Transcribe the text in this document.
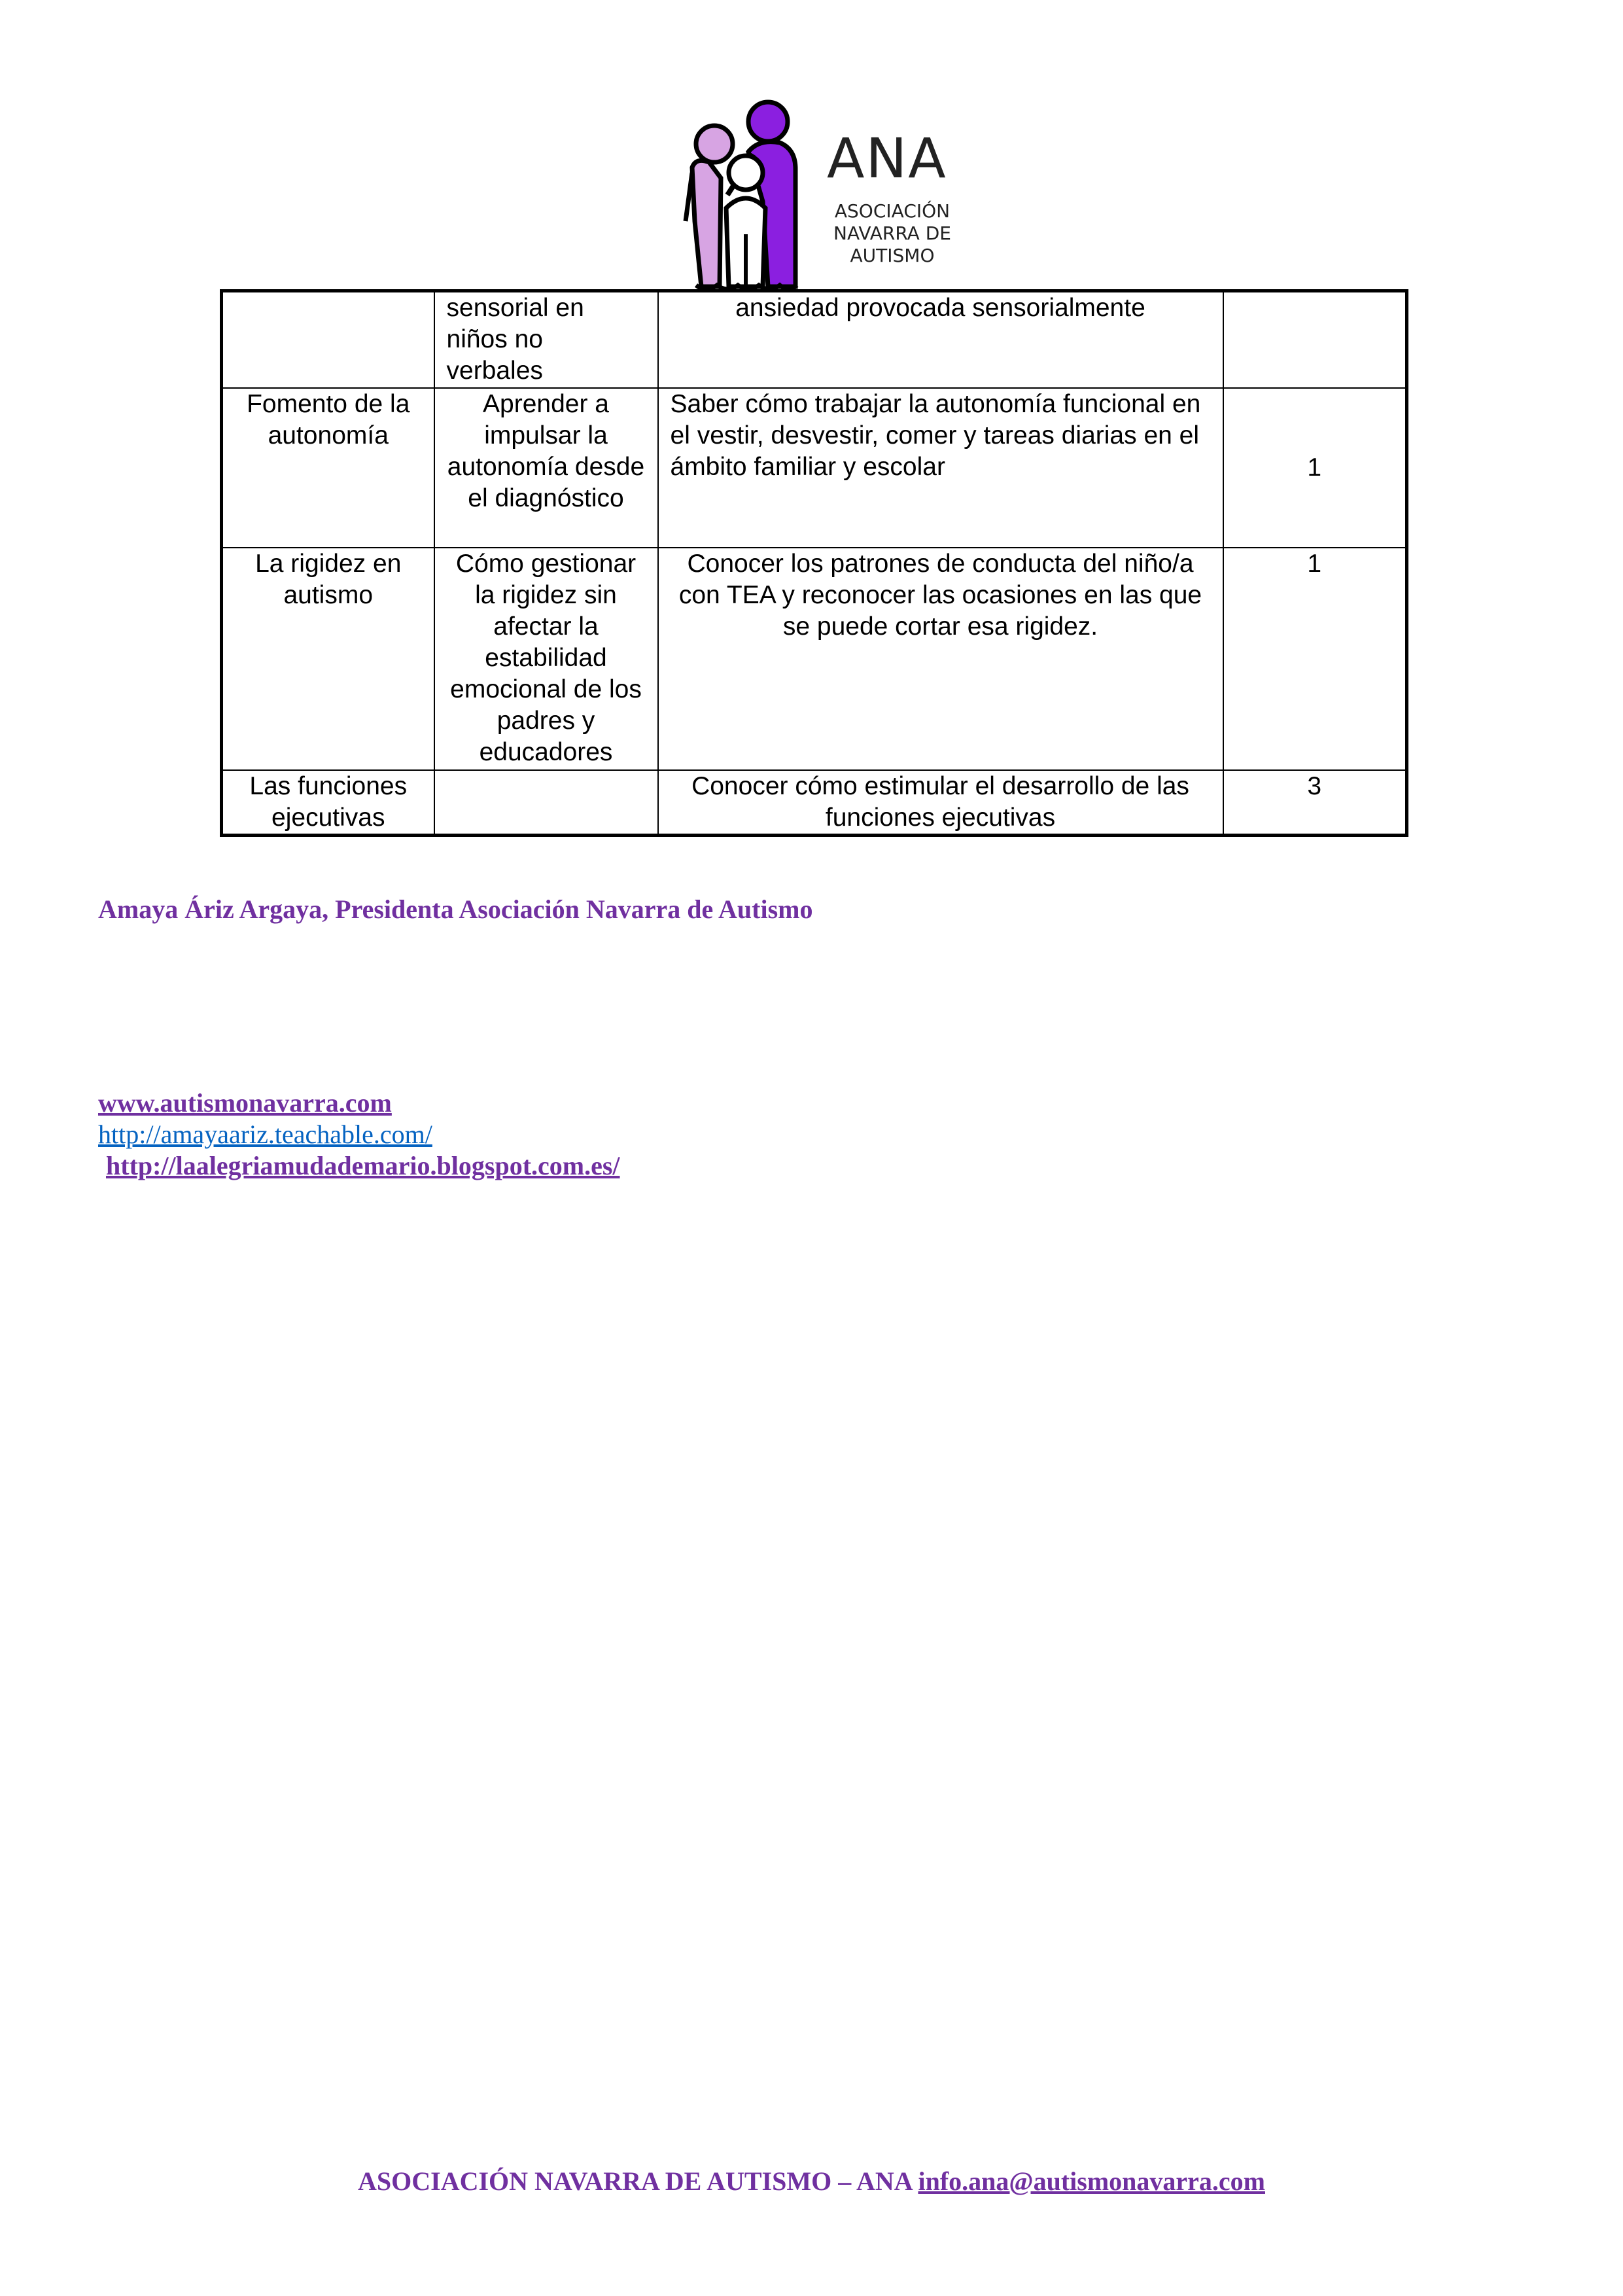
ANA
ASOCIACIÓN
NAVARRA DE
AUTISMO
	sensorial en niños no verbales	ansiedad provocada sensorialmente	
Fomento de la autonomía	Aprender a impulsar la autonomía desde el diagnóstico	Saber cómo trabajar la autonomía funcional en el vestir, desvestir, comer y tareas diarias en el ámbito familiar y escolar	1
La rigidez en autismo	Cómo gestionar la rigidez sin afectar la estabilidad emocional de los padres y educadores	Conocer los patrones de conducta del niño/a con TEA y reconocer las ocasiones en las que se puede cortar esa rigidez.	1
Las funciones ejecutivas		Conocer cómo estimular el desarrollo de las funciones ejecutivas	3
Amaya Áriz Argaya, Presidenta Asociación Navarra de Autismo
www.autismonavarra.com
http://amayaariz.teachable.com/
http://laalegriamudademario.blogspot.com.es/
ASOCIACIÓN NAVARRA DE AUTISMO – ANA info.ana@autismonavarra.com
